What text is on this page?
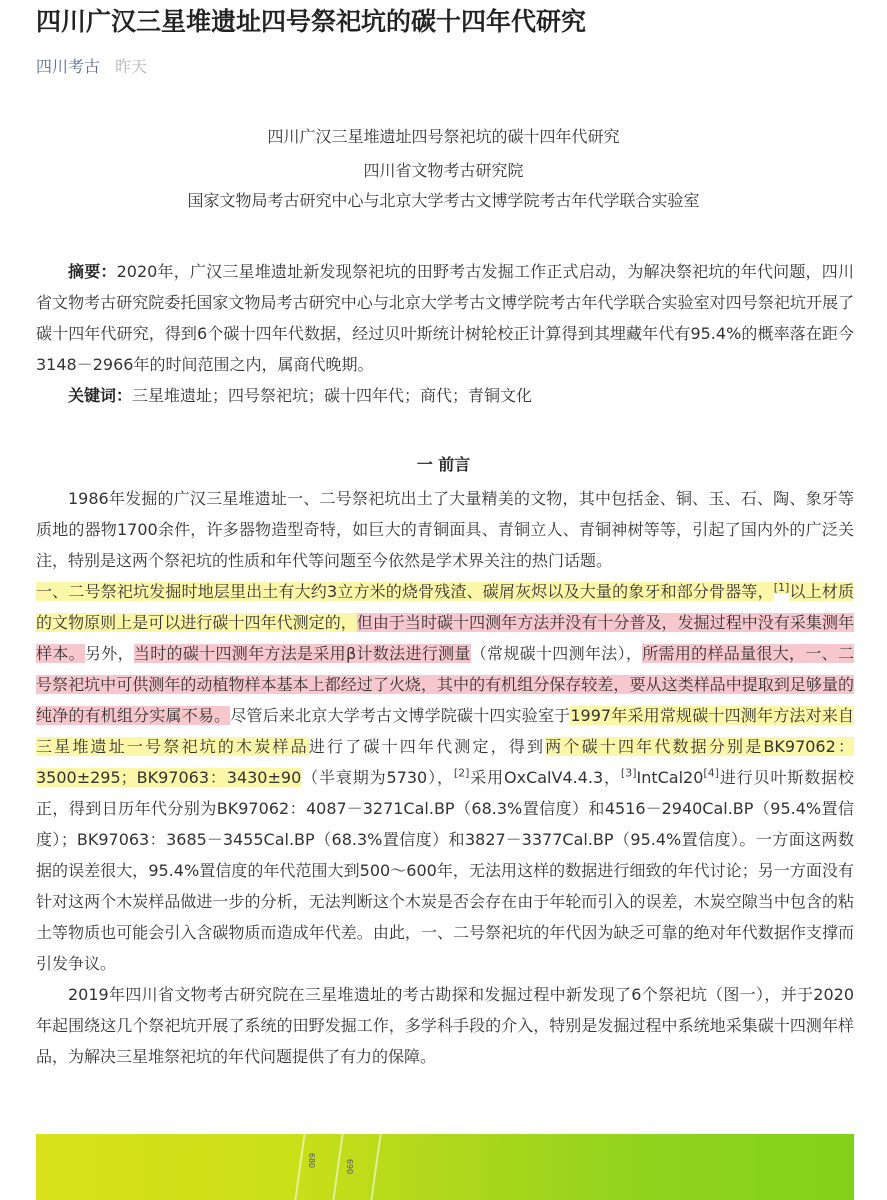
四川广汉三星堆遗址四号祭祀坑的碳十四年代研究
四川考古 昨天
四川广汉三星堆遗址四号祭祀坑的碳十四年代研究
四川省文物考古研究院
国家文物局考古研究中心与北京大学考古文博学院考古年代学联合实验室

摘要：2020年，广汉三星堆遗址新发现祭祀坑的田野考古发掘工作正式启动，为解决祭祀坑的年代问题，四川省文物考古研究院委托国家文物局考古研究中心与北京大学考古文博学院考古年代学联合实验室对四号祭祀坑开展了碳十四年代研究，得到6个碳十四年代数据，经过贝叶斯统计树轮校正计算得到其埋藏年代有95.4%的概率落在距今3148－2966年的时间范围之内，属商代晚期。

关键词：三星堆遗址；四号祭祀坑；碳十四年代；商代；青铜文化

一 前言

1986年发掘的广汉三星堆遗址一、二号祭祀坑出土了大量精美的文物，其中包括金、铜、玉、石、陶、象牙等质地的器物1700余件，许多器物造型奇特，如巨大的青铜面具、青铜立人、青铜神树等等，引起了国内外的广泛关注，特别是这两个祭祀坑的性质和年代等问题至今依然是学术界关注的热门话题。

一、二号祭祀坑发掘时地层里出土有大约3立方米的烧骨残渣、碳屑灰烬以及大量的象牙和部分骨器等，[1]以上材质的文物原则上是可以进行碳十四年代测定的，但由于当时碳十四测年方法并没有十分普及，发掘过程中没有采集测年样本。另外，当时的碳十四测年方法是采用β计数法进行测量（常规碳十四测年法），所需用的样品量很大，一、二号祭祀坑中可供测年的动植物样本基本上都经过了火烧，其中的有机组分保存较差，要从这类样品中提取到足够量的纯净的有机组分实属不易。尽管后来北京大学考古文博学院碳十四实验室于1997年采用常规碳十四测年方法对来自三星堆遗址一号祭祀坑的木炭样品进行了碳十四年代测定，得到两个碳十四年代数据分别是BK97062：3500±295；BK97063：3430±90（半衰期为5730），[2]采用OxCalV4.4.3，[3]IntCal20[4]进行贝叶斯数据校正，得到日历年代分别为BK97062：4087－3271Cal.BP（68.3%置信度）和4516－2940Cal.BP（95.4%置信度）；BK97063：3685－3455Cal.BP（68.3%置信度）和3827－3377Cal.BP（95.4%置信度）。一方面这两数据的误差很大，95.4%置信度的年代范围大到500～600年，无法用这样的数据进行细致的年代讨论；另一方面没有针对这两个木炭样品做进一步的分析，无法判断这个木炭是否会存在由于年轮而引入的误差，木炭空隙当中包含的粘土等物质也可能会引入含碳物质而造成年代差。由此，一、二号祭祀坑的年代因为缺乏可靠的绝对年代数据作支撑而引发争议。

2019年四川省文物考古研究院在三星堆遗址的考古勘探和发掘过程中新发现了6个祭祀坑（图一），并于2020年起围绕这几个祭祀坑开展了系统的田野发掘工作，多学科手段的介入，特别是发掘过程中系统地采集碳十四测年样品，为解决三星堆祭祀坑的年代问题提供了有力的保障。

680	690
